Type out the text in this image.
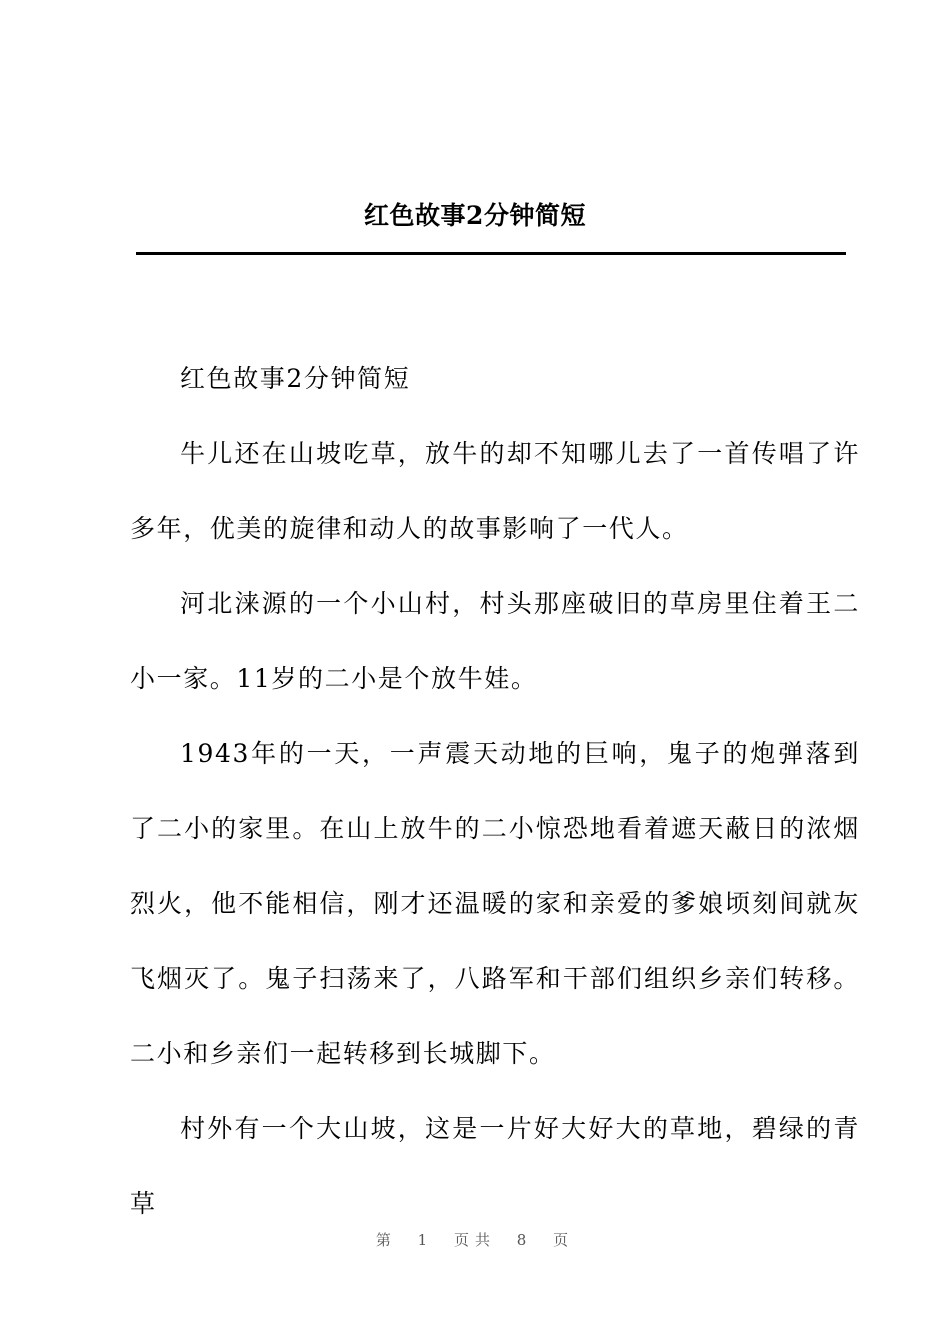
红色故事2分钟简短

红色故事2分钟简短

牛儿还在山坡吃草，放牛的却不知哪儿去了一首传唱了许多年，优美的旋律和动人的故事影响了一代人。

河北涞源的一个小山村，村头那座破旧的草房里住着王二小一家。11岁的二小是个放牛娃。

1943年的一天，一声震天动地的巨响，鬼子的炮弹落到了二小的家里。在山上放牛的二小惊恐地看着遮天蔽日的浓烟烈火，他不能相信，刚才还温暖的家和亲爱的爹娘顷刻间就灰飞烟灭了。鬼子扫荡来了，八路军和干部们组织乡亲们转移。二小和乡亲们一起转移到长城脚下。

村外有一个大山坡，这是一片好大好大的草地，碧绿的青草

第 1 页共 8 页
